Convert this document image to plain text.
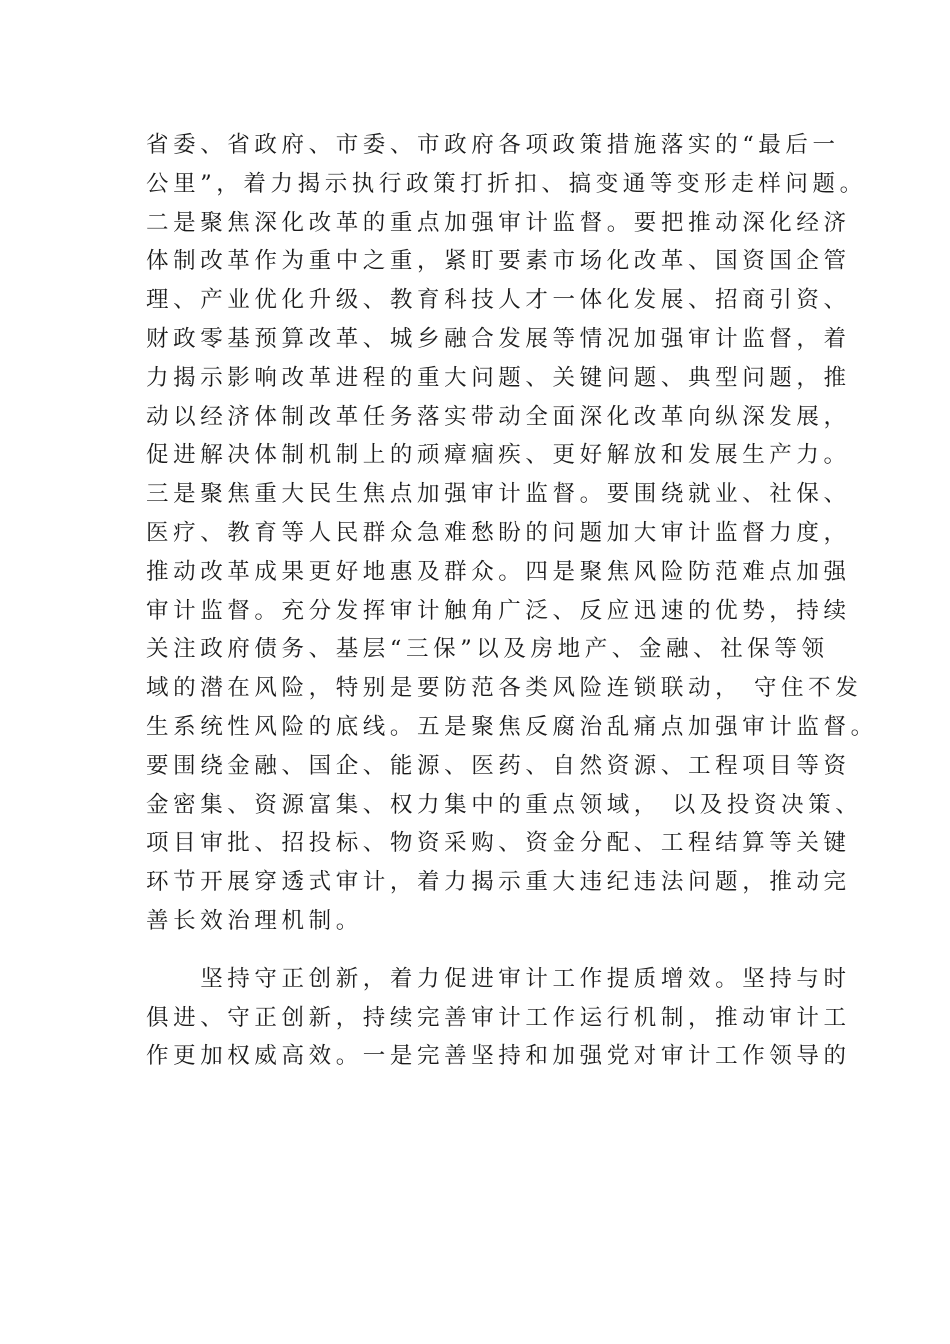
省委、省政府、市委、市政府各项政策措施落实的“最后一
公里”，着力揭示执行政策打折扣、搞变通等变形走样问题。
二是聚焦深化改革的重点加强审计监督。要把推动深化经济
体制改革作为重中之重，紧盯要素市场化改革、国资国企管
理、产业优化升级、教育科技人才一体化发展、招商引资、
财政零基预算改革、城乡融合发展等情况加强审计监督，着
力揭示影响改革进程的重大问题、关键问题、典型问题，推
动以经济体制改革任务落实带动全面深化改革向纵深发展，
促进解决体制机制上的顽瘴痼疾、更好解放和发展生产力。
三是聚焦重大民生焦点加强审计监督。要围绕就业、社保、
医疗、教育等人民群众急难愁盼的问题加大审计监督力度，
推动改革成果更好地惠及群众。四是聚焦风险防范难点加强
审计监督。充分发挥审计触角广泛、反应迅速的优势，持续
关注政府债务、基层“三保”以及房地产、金融、社保等领
域的潜在风险，特别是要防范各类风险连锁联动， 守住不发
生系统性风险的底线。五是聚焦反腐治乱痛点加强审计监督。
要围绕金融、国企、能源、医药、自然资源、工程项目等资
金密集、资源富集、权力集中的重点领域， 以及投资决策、
项目审批、招投标、物资采购、资金分配、工程结算等关键
环节开展穿透式审计，着力揭示重大违纪违法问题，推动完
善长效治理机制。
　　坚持守正创新，着力促进审计工作提质增效。坚持与时
俱进、守正创新，持续完善审计工作运行机制，推动审计工
作更加权威高效。一是完善坚持和加强党对审计工作领导的
